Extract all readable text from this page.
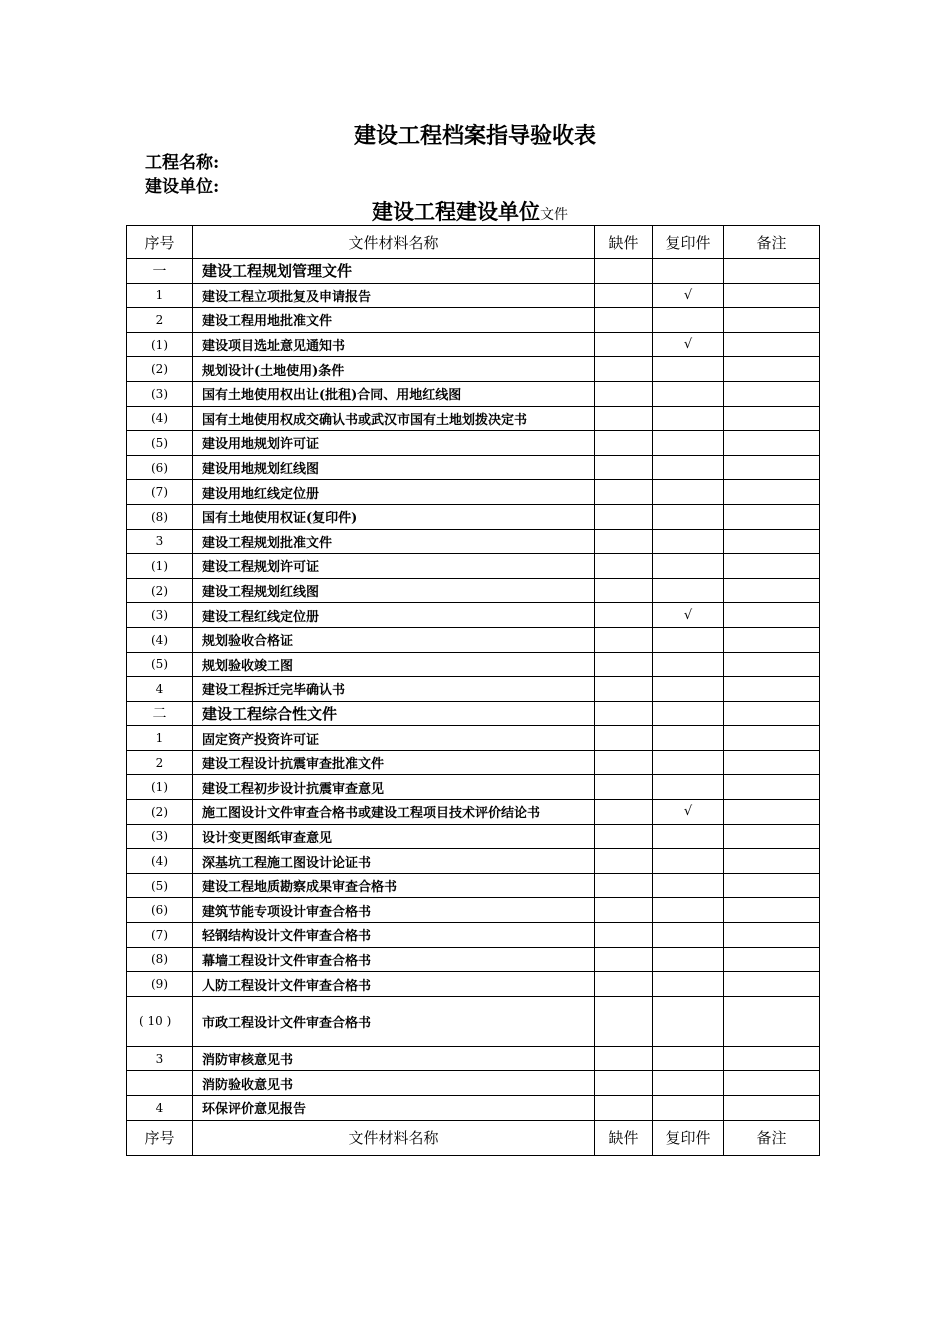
建设工程档案指导验收表
工程名称:
建设单位:
建设工程建设单位文件
序号	文件材料名称	缺件	复印件	备注
一	建设工程规划管理文件			
1	建设工程立项批复及申请报告		√	
2	建设工程用地批准文件			
(1)	建设项目选址意见通知书		√	
(2)	规划设计(土地使用)条件			
(3)	国有土地使用权出让(批租)合同、用地红线图			
(4)	国有土地使用权成交确认书或武汉市国有土地划拨决定书			
(5)	建设用地规划许可证			
(6)	建设用地规划红线图			
(7)	建设用地红线定位册			
(8)	国有土地使用权证(复印件)			
3	建设工程规划批准文件			
(1)	建设工程规划许可证			
(2)	建设工程规划红线图			
(3)	建设工程红线定位册		√	
(4)	规划验收合格证			
(5)	规划验收竣工图			
4	建设工程拆迁完毕确认书			
二	建设工程综合性文件			
1	固定资产投资许可证			
2	建设工程设计抗震审查批准文件			
(1)	建设工程初步设计抗震审查意见			
(2)	施工图设计文件审查合格书或建设工程项目技术评价结论书		√	
(3)	设计变更图纸审查意见			
(4)	深基坑工程施工图设计论证书			
(5)	建设工程地质勘察成果审查合格书			
(6)	建筑节能专项设计审查合格书			
(7)	轻钢结构设计文件审查合格书			
(8)	幕墙工程设计文件审查合格书			
(9)	人防工程设计文件审查合格书			
( 10 )	市政工程设计文件审查合格书			
3	消防审核意见书			
	消防验收意见书			
4	环保评价意见报告			
序号	文件材料名称	缺件	复印件	备注
